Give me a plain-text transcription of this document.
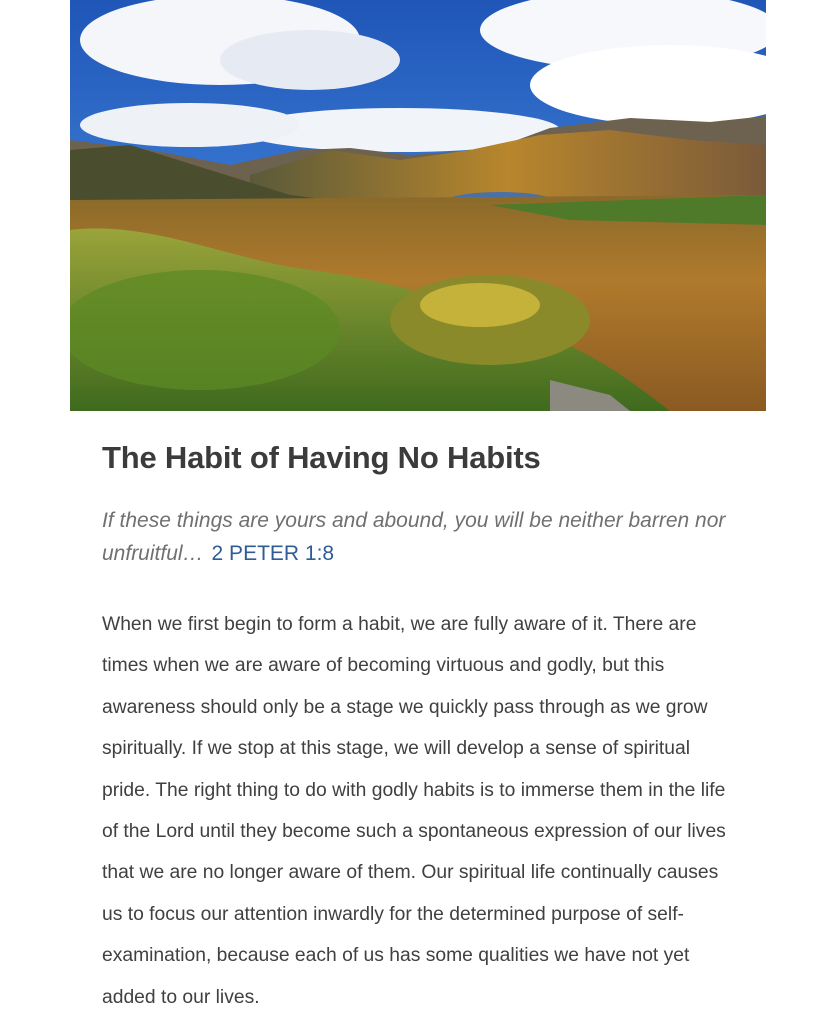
The Habit of Having No Habits

If these things are yours and abound, you will be neither barren nor unfruitful… 2 PETER 1:8

When we first begin to form a habit, we are fully aware of it. There are times when we are aware of becoming virtuous and godly, but this awareness should only be a stage we quickly pass through as we grow spiritually. If we stop at this stage, we will develop a sense of spiritual pride. The right thing to do with godly habits is to immerse them in the life of the Lord until they become such a spontaneous expression of our lives that we are no longer aware of them. Our spiritual life continually causes us to focus our attention inwardly for the determined purpose of self-examination, because each of us has some qualities we have not yet added to our lives.
